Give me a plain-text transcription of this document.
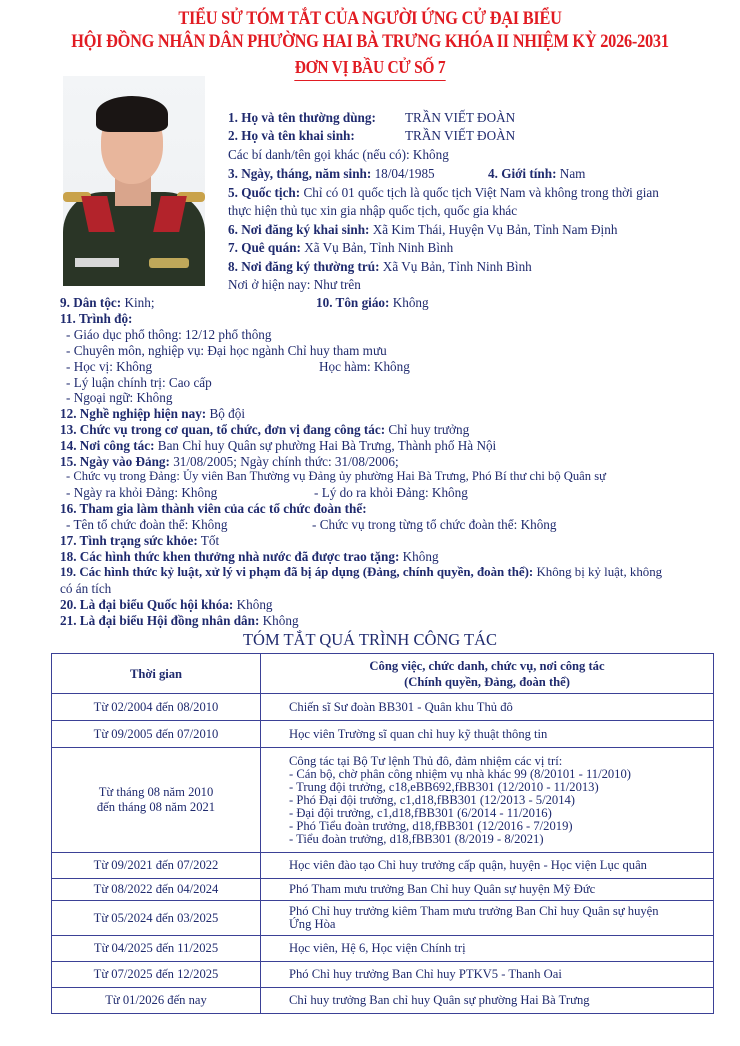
TIỂU SỬ TÓM TẮT CỦA NGƯỜI ỨNG CỬ ĐẠI BIỂU
HỘI ĐỒNG NHÂN DÂN PHƯỜNG HAI BÀ TRƯNG KHÓA II NHIỆM KỲ 2026-2031
ĐƠN VỊ BẦU CỬ SỐ 7
1. Họ và tên thường dùng: TRẦN VIẾT ĐOÀN
2. Họ và tên khai sinh:	TRẦN VIẾT ĐOÀN
Các bí danh/tên gọi khác (nếu có): Không
3. Ngày, tháng, năm sinh: 18/04/1985	4. Giới tính: Nam
5. Quốc tịch: Chỉ có 01 quốc tịch là quốc tịch Việt Nam và không trong thời gian
thực hiện thủ tục xin gia nhập quốc tịch, quốc gia khác
6. Nơi đăng ký khai sinh: Xã Kim Thái, Huyện Vụ Bản, Tỉnh Nam Định
7. Quê quán: Xã Vụ Bản, Tỉnh Ninh Bình
8. Nơi đăng ký thường trú: Xã Vụ Bản, Tỉnh Ninh Bình
Nơi ở hiện nay: Như trên
9. Dân tộc: Kinh;	10. Tôn giáo: Không
11. Trình độ:
- Giáo dục phổ thông: 12/12 phổ thông
- Chuyên môn, nghiệp vụ: Đại học ngành Chỉ huy tham mưu
- Học vị: Không	Học hàm: Không
- Lý luận chính trị: Cao cấp
- Ngoại ngữ: Không
12. Nghề nghiệp hiện nay: Bộ đội
13. Chức vụ trong cơ quan, tổ chức, đơn vị đang công tác: Chỉ huy trưởng
14. Nơi công tác: Ban Chỉ huy Quân sự phường Hai Bà Trưng, Thành phố Hà Nội
15. Ngày vào Đảng: 31/08/2005; Ngày chính thức: 31/08/2006;
- Chức vụ trong Đảng: Ủy viên Ban Thường vụ Đảng ủy phường Hai Bà Trưng, Phó Bí thư chi bộ Quân sự
- Ngày ra khỏi Đảng: Không	- Lý do ra khỏi Đảng: Không
16. Tham gia làm thành viên của các tổ chức đoàn thể:
- Tên tổ chức đoàn thể: Không	- Chức vụ trong từng tổ chức đoàn thể: Không
17. Tình trạng sức khỏe: Tốt
18. Các hình thức khen thưởng nhà nước đã được trao tặng: Không
19. Các hình thức kỷ luật, xử lý vi phạm đã bị áp dụng (Đảng, chính quyền, đoàn thể): Không bị kỷ luật, không
có án tích
20. Là đại biểu Quốc hội khóa: Không
21. Là đại biểu Hội đồng nhân dân: Không
TÓM TẮT QUÁ TRÌNH CÔNG TÁC
Thời gian	Công việc, chức danh, chức vụ, nơi công tác
(Chính quyền, Đảng, đoàn thể)

Từ 02/2004 đến 08/2010	Chiến sĩ Sư đoàn BB301 - Quân khu Thủ đô
Từ 09/2005 đến 07/2010	Học viên Trường sĩ quan chỉ huy kỹ thuật thông tin

Từ tháng 08 năm 2010
đến tháng 08 năm 2021

Công tác tại Bộ Tư lệnh Thủ đô, đảm nhiệm các vị trí:
- Cán bộ, chờ phân công nhiệm vụ nhà khác 99 (8/20101 - 11/2010)
- Trung đội trưởng, c18,eBB692,fBB301 (12/2010 - 11/2013)
- Phó Đại đội trưởng, c1,d18,fBB301 (12/2013 - 5/2014)
- Đại đội trưởng, c1,d18,fBB301 (6/2014 - 11/2016)
- Phó Tiểu đoàn trưởng, d18,fBB301 (12/2016 - 7/2019)
- Tiểu đoàn trưởng, d18,fBB301 (8/2019 - 8/2021)

Từ 09/2021 đến 07/2022	Học viên đào tạo Chỉ huy trưởng cấp quận, huyện - Học viện Lục quân
Từ 08/2022 đến 04/2024	Phó Tham mưu trưởng Ban Chỉ huy Quân sự huyện Mỹ Đức
Từ 05/2024 đến 03/2025	Phó Chỉ huy trưởng kiêm Tham mưu trưởng Ban Chỉ huy Quân sự huyện
Ứng Hòa

Từ 04/2025 đến 11/2025	Học viên, Hệ 6, Học viện Chính trị
Từ 07/2025 đến 12/2025	Phó Chỉ huy trưởng Ban Chỉ huy PTKV5 - Thanh Oai
Từ 01/2026 đến nay	Chỉ huy trưởng Ban chỉ huy Quân sự phường Hai Bà Trưng
